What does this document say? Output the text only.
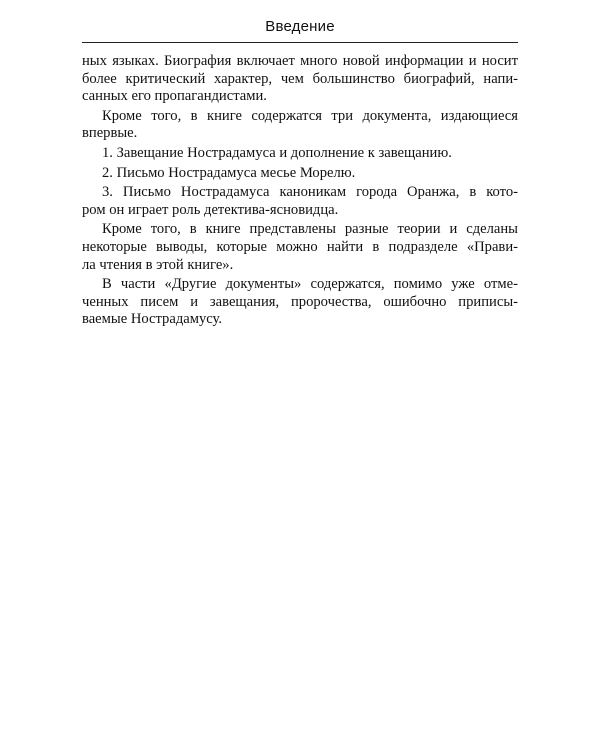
Введение
ных языках. Биография включает много новой информации и носит
более критический характер, чем большинство биографий, напи-
санных его пропагандистами.
Кроме того, в книге содержатся три документа, издающиеся
впервые.
1. Завещание Нострадамуса и дополнение к завещанию.
2. Письмо Нострадамуса месье Морелю.
3. Письмо Нострадамуса каноникам города Оранжа, в кото-
ром он играет роль детектива-ясновидца.
Кроме того, в книге представлены разные теории и сделаны
некоторые выводы, которые можно найти в подразделе «Прави-
ла чтения в этой книге».
В части «Другие документы» содержатся, помимо уже отме-
ченных писем и завещания, пророчества, ошибочно приписы-
ваемые Нострадамусу.
